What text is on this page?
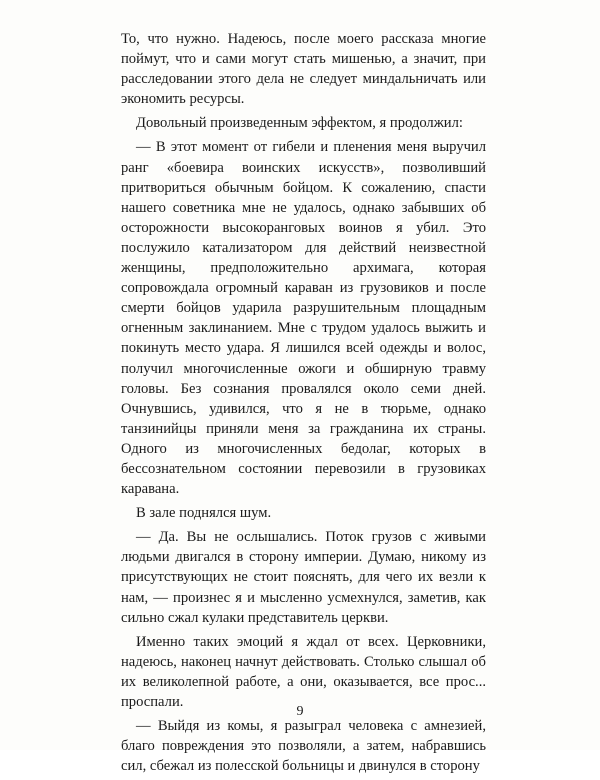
То, что нужно. Надеюсь, после моего рассказа многие поймут, что и сами могут стать мишенью, а значит, при расследовании этого дела не следует миндальничать или экономить ресурсы.

Довольный произведенным эффектом, я продолжил:

— В этот момент от гибели и пленения меня выручил ранг «боевира воинских искусств», позволивший притвориться обычным бойцом. К сожалению, спасти нашего советника мне не удалось, однако забывших об осторожности высокоранговых воинов я убил. Это послужило катализатором для действий неизвестной женщины, предположительно архимага, которая сопровождала огромный караван из грузовиков и после смерти бойцов ударила разрушительным площадным огненным заклинанием. Мне с трудом удалось выжить и покинуть место удара. Я лишился всей одежды и волос, получил многочисленные ожоги и обширную травму головы. Без сознания провалялся около семи дней. Очнувшись, удивился, что я не в тюрьме, однако танзинийцы приняли меня за гражданина их страны. Одного из многочисленных бедолаг, которых в бессознательном состоянии перевозили в грузовиках каравана.

В зале поднялся шум.

— Да. Вы не ослышались. Поток грузов с живыми людьми двигался в сторону империи. Думаю, никому из присутствующих не стоит пояснять, для чего их везли к нам, — произнес я и мысленно усмехнулся, заметив, как сильно сжал кулаки представитель церкви.

Именно таких эмоций я ждал от всех. Церковники, надеюсь, наконец начнут действовать. Столько слышал об их великолепной работе, а они, оказывается, все прос... проспали.

— Выйдя из комы, я разыграл человека с амнезией, благо повреждения это позволяли, а затем, набравшись сил, сбежал из полесской больницы и двинулся в сторону

9
